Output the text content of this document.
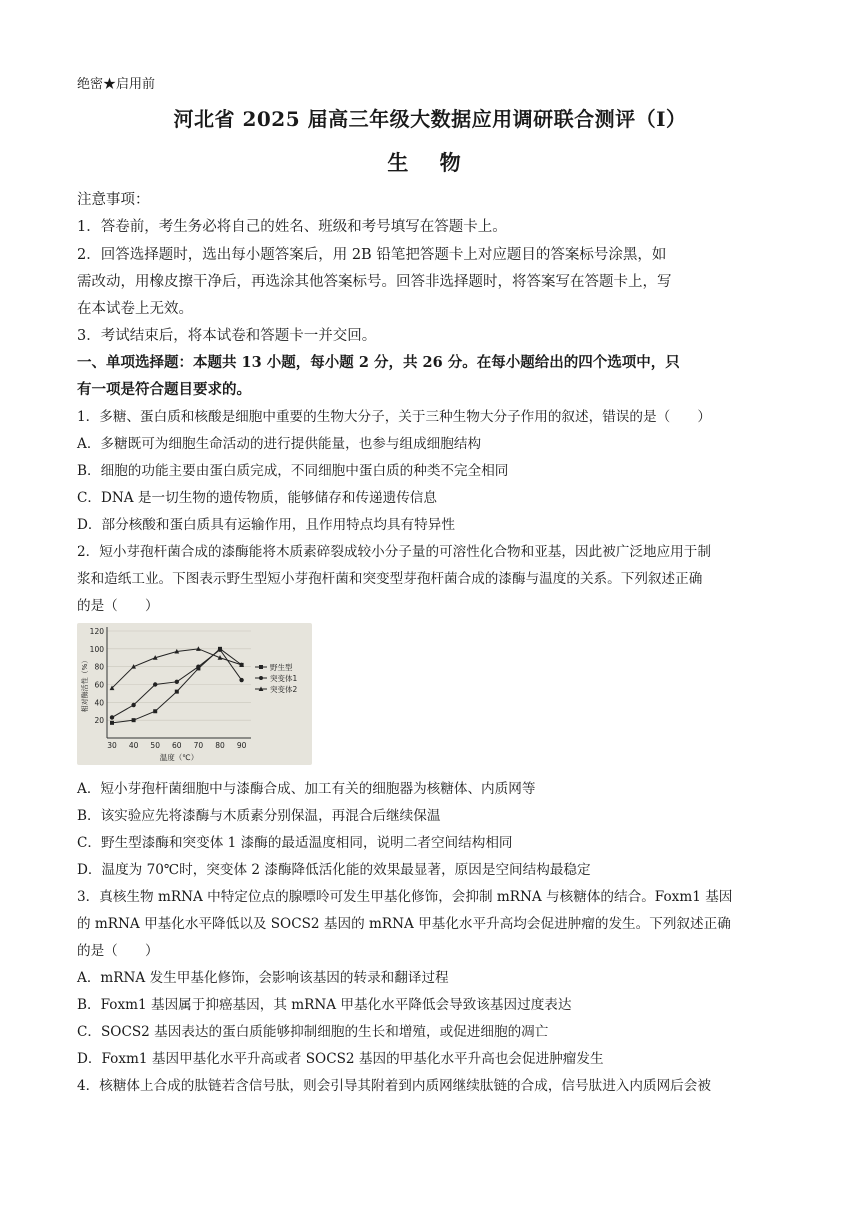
绝密★启用前
河北省 2025 届高三年级大数据应用调研联合测评（I）
生 物
注意事项：
1．答卷前，考生务必将自己的姓名、班级和考号填写在答题卡上。
2．回答选择题时，选出每小题答案后，用 2B 铅笔把答题卡上对应题目的答案标号涂黑，如
需改动，用橡皮擦干净后，再选涂其他答案标号。回答非选择题时，将答案写在答题卡上，写
在本试卷上无效。
3．考试结束后，将本试卷和答题卡一并交回。
一、单项选择题：本题共 13 小题，每小题 2 分，共 26 分。在每小题给出的四个选项中，只
有一项是符合题目要求的。
1．多糖、蛋白质和核酸是细胞中重要的生物大分子，关于三种生物大分子作用的叙述，错误的是（　　）
A．多糖既可为细胞生命活动的进行提供能量，也参与组成细胞结构
B．细胞的功能主要由蛋白质完成，不同细胞中蛋白质的种类不完全相同
C．DNA 是一切生物的遗传物质，能够储存和传递遗传信息
D．部分核酸和蛋白质具有运输作用，且作用特点均具有特异性
2．短小芽孢杆菌合成的漆酶能将木质素碎裂成较小分子量的可溶性化合物和亚基，因此被广泛地应用于制
浆和造纸工业。下图表示野生型短小芽孢杆菌和突变型芽孢杆菌合成的漆酶与温度的关系。下列叙述正确
的是（　　）
20
40
60
80
100
120
30 40 50 60 70 80 90
温度（℃）
相对酶活性（%）	野生型
突变体1
突变体2
A．短小芽孢杆菌细胞中与漆酶合成、加工有关的细胞器为核糖体、内质网等
B．该实验应先将漆酶与木质素分别保温，再混合后继续保温
C．野生型漆酶和突变体 1 漆酶的最适温度相同，说明二者空间结构相同
D．温度为 70℃时，突变体 2 漆酶降低活化能的效果最显著，原因是空间结构最稳定
3．真核生物 mRNA 中特定位点的腺嘌呤可发生甲基化修饰，会抑制 mRNA 与核糖体的结合。Foxm1 基因
的 mRNA 甲基化水平降低以及 SOCS2 基因的 mRNA 甲基化水平升高均会促进肿瘤的发生。下列叙述正确
的是（　　）
A．mRNA 发生甲基化修饰，会影响该基因的转录和翻译过程
B．Foxm1 基因属于抑癌基因，其 mRNA 甲基化水平降低会导致该基因过度表达
C．SOCS2 基因表达的蛋白质能够抑制细胞的生长和增殖，或促进细胞的凋亡
D．Foxm1 基因甲基化水平升高或者 SOCS2 基因的甲基化水平升高也会促进肿瘤发生
4．核糖体上合成的肽链若含信号肽，则会引导其附着到内质网继续肽链的合成，信号肽进入内质网后会被
